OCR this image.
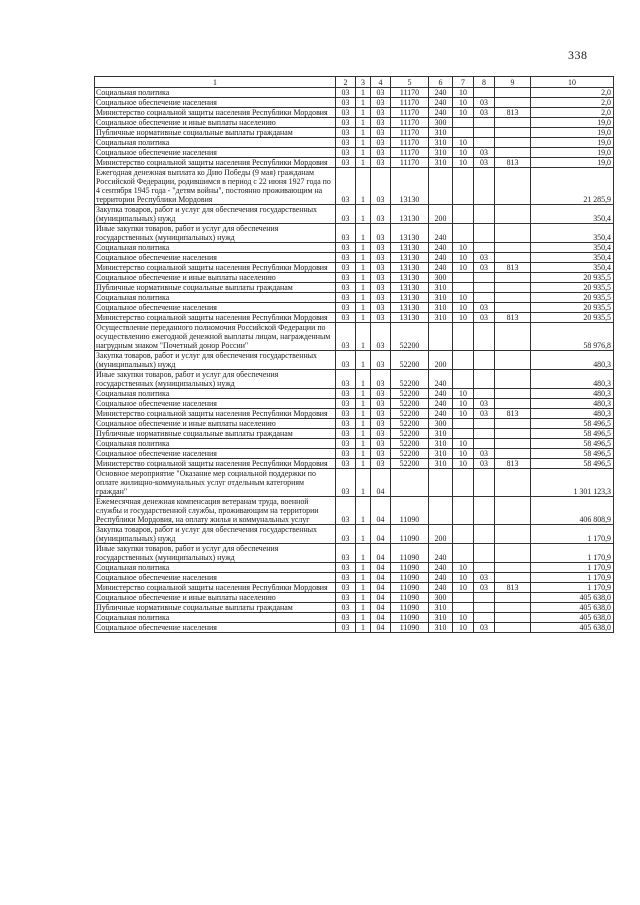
338
1	2	3	4	5	6	7	8	9	10
Социальная политика	03	1	03	11170	240	10			2,0
Социальное обеспечение населения	03	1	03	11170	240	10	03		2,0
Министерство социальной защиты населения Республики Мордовия	03	1	03	11170	240	10	03	813	2,0
Социальное обеспечение и иные выплаты населению	03	1	03	11170	300				19,0
Публичные нормативные социальные выплаты гражданам	03	1	03	11170	310				19,0
Социальная политика	03	1	03	11170	310	10			19,0
Социальное обеспечение населения	03	1	03	11170	310	10	03		19,0
Министерство социальной защиты населения Республики Мордовия	03	1	03	11170	310	10	03	813	19,0
Ежегодная денежная выплата ко Дню Победы (9 мая) гражданам Российской Федерации, родившимся в период с 22 июня 1927 года по 4 сентября 1945 года - "детям войны", постоянно проживающим на территории Республики Мордовия	03	1	03	13130					21 285,9
Закупка товаров, работ и услуг для обеспечения государственных (муниципальных) нужд	03	1	03	13130	200				350,4
Иные закупки товаров, работ и услуг для обеспечения государственных (муниципальных) нужд	03	1	03	13130	240				350,4
Социальная политика	03	1	03	13130	240	10			350,4
Социальное обеспечение населения	03	1	03	13130	240	10	03		350,4
Министерство социальной защиты населения Республики Мордовия	03	1	03	13130	240	10	03	813	350,4
Социальное обеспечение и иные выплаты населению	03	1	03	13130	300				20 935,5
Публичные нормативные социальные выплаты гражданам	03	1	03	13130	310				20 935,5
Социальная политика	03	1	03	13130	310	10			20 935,5
Социальное обеспечение населения	03	1	03	13130	310	10	03		20 935,5
Министерство социальной защиты населения Республики Мордовия	03	1	03	13130	310	10	03	813	20 935,5
Осуществление переданного полномочия Российской Федерации по осуществлению ежегодной денежной выплаты лицам, награжденным нагрудным знаком "Почетный донор России"	03	1	03	52200					58 976,8
Закупка товаров, работ и услуг для обеспечения государственных (муниципальных) нужд	03	1	03	52200	200				480,3
Иные закупки товаров, работ и услуг для обеспечения государственных (муниципальных) нужд	03	1	03	52200	240				480,3
Социальная политика	03	1	03	52200	240	10			480,3
Социальное обеспечение населения	03	1	03	52200	240	10	03		480,3
Министерство социальной защиты населения Республики Мордовия	03	1	03	52200	240	10	03	813	480,3
Социальное обеспечение и иные выплаты населению	03	1	03	52200	300				58 496,5
Публичные нормативные социальные выплаты гражданам	03	1	03	52200	310				58 496,5
Социальная политика	03	1	03	52200	310	10			58 496,5
Социальное обеспечение населения	03	1	03	52200	310	10	03		58 496,5
Министерство социальной защиты населения Республики Мордовия	03	1	03	52200	310	10	03	813	58 496,5
Основное мероприятие "Оказание мер социальной поддержки по оплате жилищно-коммунальных услуг отдельным категориям граждан"	03	1	04						1 301 123,3
Ежемесячная денежная компенсация ветеранам труда, военной службы и государственной службы, проживающим на территории Республики Мордовия, на оплату жилья и коммунальных услуг	03	1	04	11090					406 808,9
Закупка товаров, работ и услуг для обеспечения государственных (муниципальных) нужд	03	1	04	11090	200				1 170,9
Иные закупки товаров, работ и услуг для обеспечения государственных (муниципальных) нужд	03	1	04	11090	240				1 170,9
Социальная политика	03	1	04	11090	240	10			1 170,9
Социальное обеспечение населения	03	1	04	11090	240	10	03		1 170,9
Министерство социальной защиты населения Республики Мордовия	03	1	04	11090	240	10	03	813	1 170,9
Социальное обеспечение и иные выплаты населению	03	1	04	11090	300				405 638,0
Публичные нормативные социальные выплаты гражданам	03	1	04	11090	310				405 638,0
Социальная политика	03	1	04	11090	310	10			405 638,0
Социальное обеспечение населения	03	1	04	11090	310	10	03		405 638,0
